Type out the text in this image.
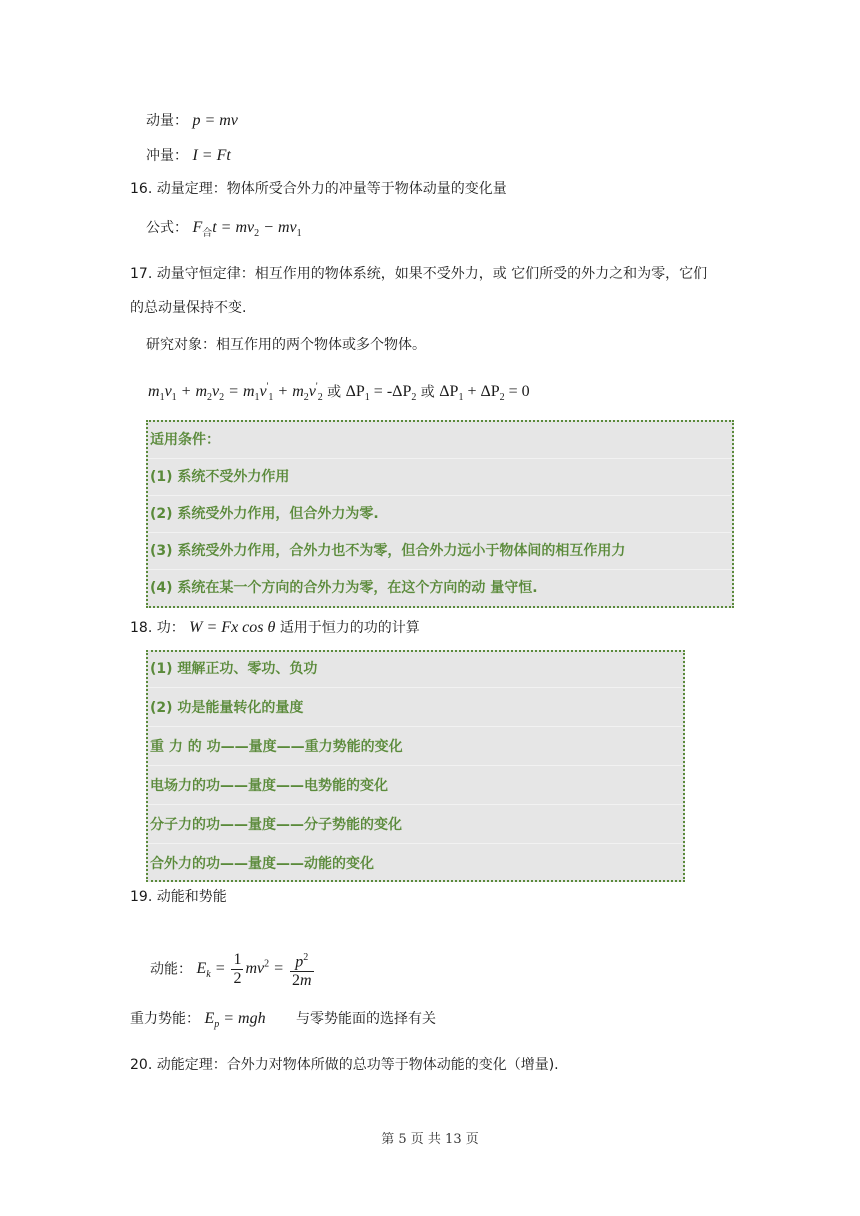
动量： p = mv
冲量： I = Ft
16. 动量定理：物体所受合外力的冲量等于物体动量的变化量
公式： $F_合t = mv_2 - mv_1$
17. 动量守恒定律：相互作用的物体系统，如果不受外力，或 它们所受的外力之和为零，它们
的总动量保持不变.
研究对象：相互作用的两个物体或多个物体。
$m_1v_1 + m_2v_2 = m_1v'_1 + m_2v'_2$ 或 $\Delta P_1 = -\Delta P_2$ 或 $\Delta P_1 + \Delta P_2 = 0$
适用条件：
(1) 系统不受外力作用
(2) 系统受外力作用，但合外力为零.
(3) 系统受外力作用，合外力也不为零，但合外力远小于物体间的相互作用力
(4) 系统在某一个方向的合外力为零，在这个方向的动 量守恒.
18. 功： W = Fx cos θ 适用于恒力的功的计算
(1) 理解正功、零功、负功
(2) 功是能量转化的量度
重 力 的 功——量度——重力势能的变化
电场力的功——量度——电势能的变化
分子力的功——量度——分子势能的变化
合外力的功——量度——动能的变化
19. 动能和势能
动能： $E_k = \frac{1}{2} mv^2 = \frac{p^2}{2m}$
重力势能： $E_p$ = mgh 与零势能面的选择有关
20. 动能定理：合外力对物体所做的总功等于物体动能的变化（增量).
第 5 页 共 13 页
